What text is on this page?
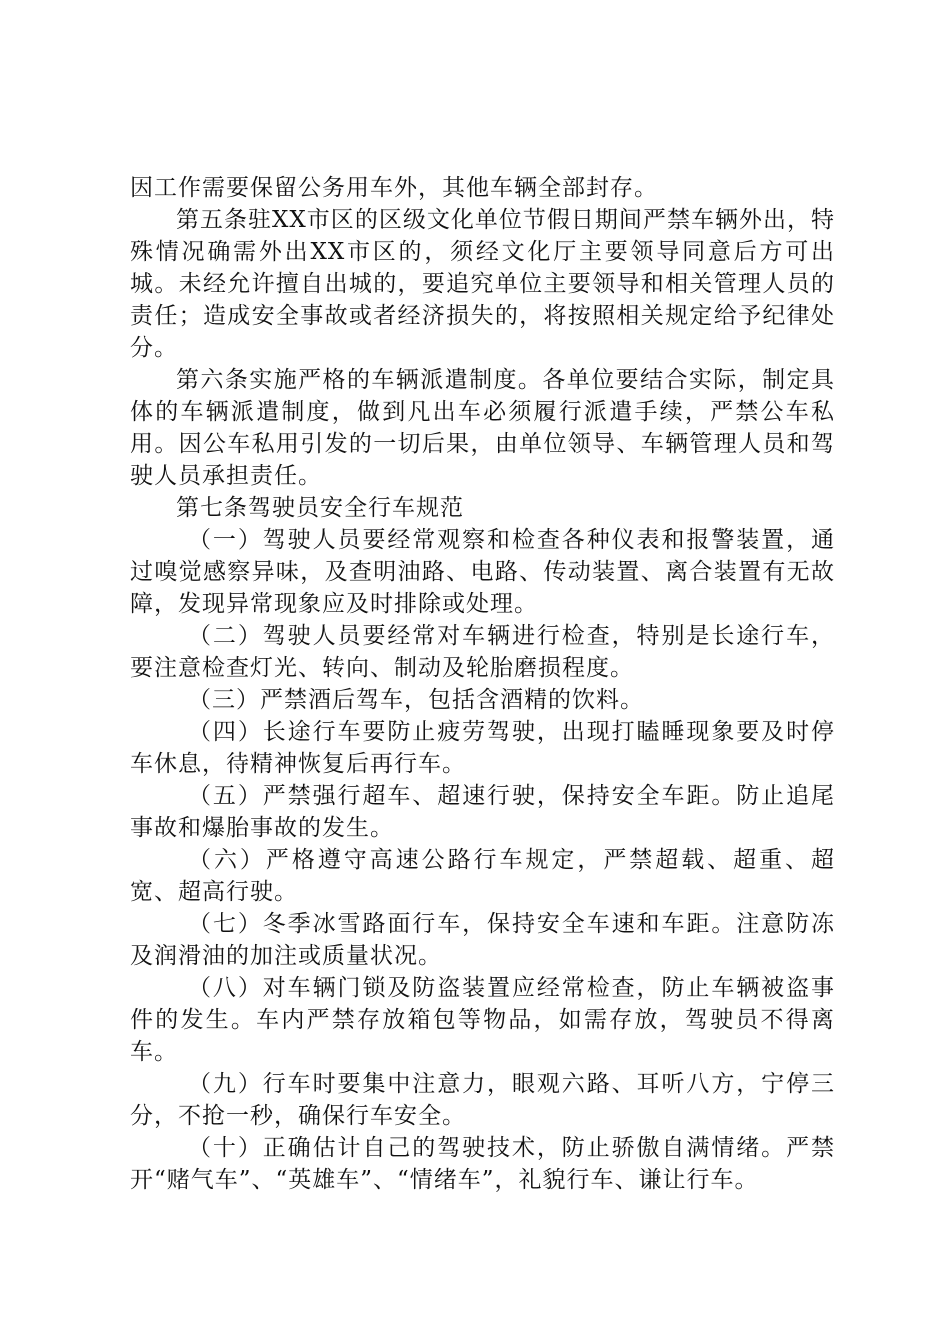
因工作需要保留公务用车外，其他车辆全部封存。

第五条驻XX市区的区级文化单位节假日期间严禁车辆外出，特殊情况确需外出XX市区的，须经文化厅主要领导同意后方可出城。未经允许擅自出城的，要追究单位主要领导和相关管理人员的责任；造成安全事故或者经济损失的，将按照相关规定给予纪律处分。

第六条实施严格的车辆派遣制度。各单位要结合实际，制定具体的车辆派遣制度，做到凡出车必须履行派遣手续，严禁公车私用。因公车私用引发的一切后果，由单位领导、车辆管理人员和驾驶人员承担责任。

第七条驾驶员安全行车规范

（一）驾驶人员要经常观察和检查各种仪表和报警装置，通过嗅觉感察异味，及查明油路、电路、传动装置、离合装置有无故障，发现异常现象应及时排除或处理。

（二）驾驶人员要经常对车辆进行检查，特别是长途行车，要注意检查灯光、转向、制动及轮胎磨损程度。

（三）严禁酒后驾车，包括含酒精的饮料。

（四）长途行车要防止疲劳驾驶，出现打瞌睡现象要及时停车休息，待精神恢复后再行车。

（五）严禁强行超车、超速行驶，保持安全车距。防止追尾事故和爆胎事故的发生。

（六）严格遵守高速公路行车规定，严禁超载、超重、超宽、超高行驶。

（七）冬季冰雪路面行车，保持安全车速和车距。注意防冻及润滑油的加注或质量状况。

（八）对车辆门锁及防盗装置应经常检查，防止车辆被盗事件的发生。车内严禁存放箱包等物品，如需存放，驾驶员不得离车。

（九）行车时要集中注意力，眼观六路、耳听八方，宁停三分，不抢一秒，确保行车安全。

（十）正确估计自己的驾驶技术，防止骄傲自满情绪。严禁开“赌气车”、“英雄车”、“情绪车”，礼貌行车、谦让行车。
